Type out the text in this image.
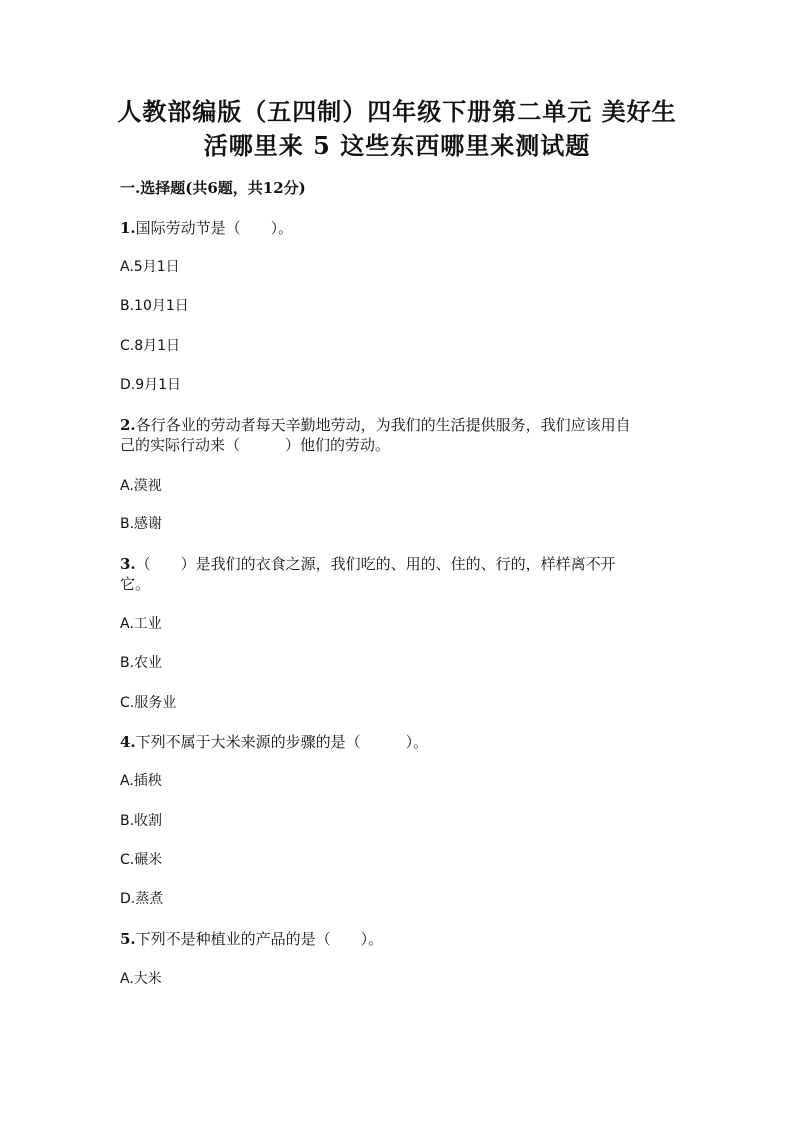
人教部编版（五四制）四年级下册第二单元 美好生
活哪里来 5 这些东西哪里来测试题
一.选择题(共6题，共12分)
1.国际劳动节是（　　）。
A.5月1日
B.10月1日
C.8月1日
D.9月1日
2.各行各业的劳动者每天辛勤地劳动，为我们的生活提供服务，我们应该用自
己的实际行动来（　　　）他们的劳动。
A.漠视
B.感谢
3.（　　）是我们的衣食之源，我们吃的、用的、住的、行的，样样离不开
它。
A.工业
B.农业
C.服务业
4.下列不属于大米来源的步骤的是（　　　）。
A.插秧
B.收割
C.碾米
D.蒸煮
5.下列不是种植业的产品的是（　　）。
A.大米
